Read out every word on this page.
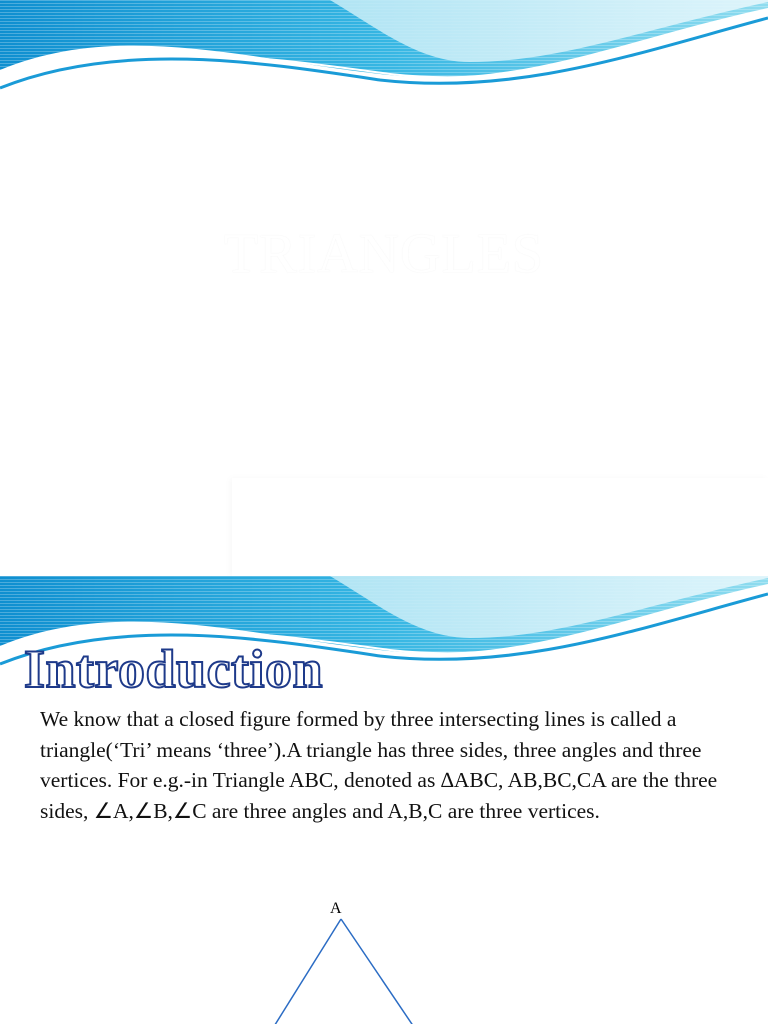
TRIANGLES
Introduction

We know that a closed figure formed by three intersecting lines is called a triangle(‘Tri’ means ‘three’).A triangle has three sides, three angles and three vertices. For e.g.-in Triangle ABC, denoted as ∆ABC, AB,BC,CA are the three sides, ∠A,∠B,∠C are three angles and A,B,C are three vertices.

A
